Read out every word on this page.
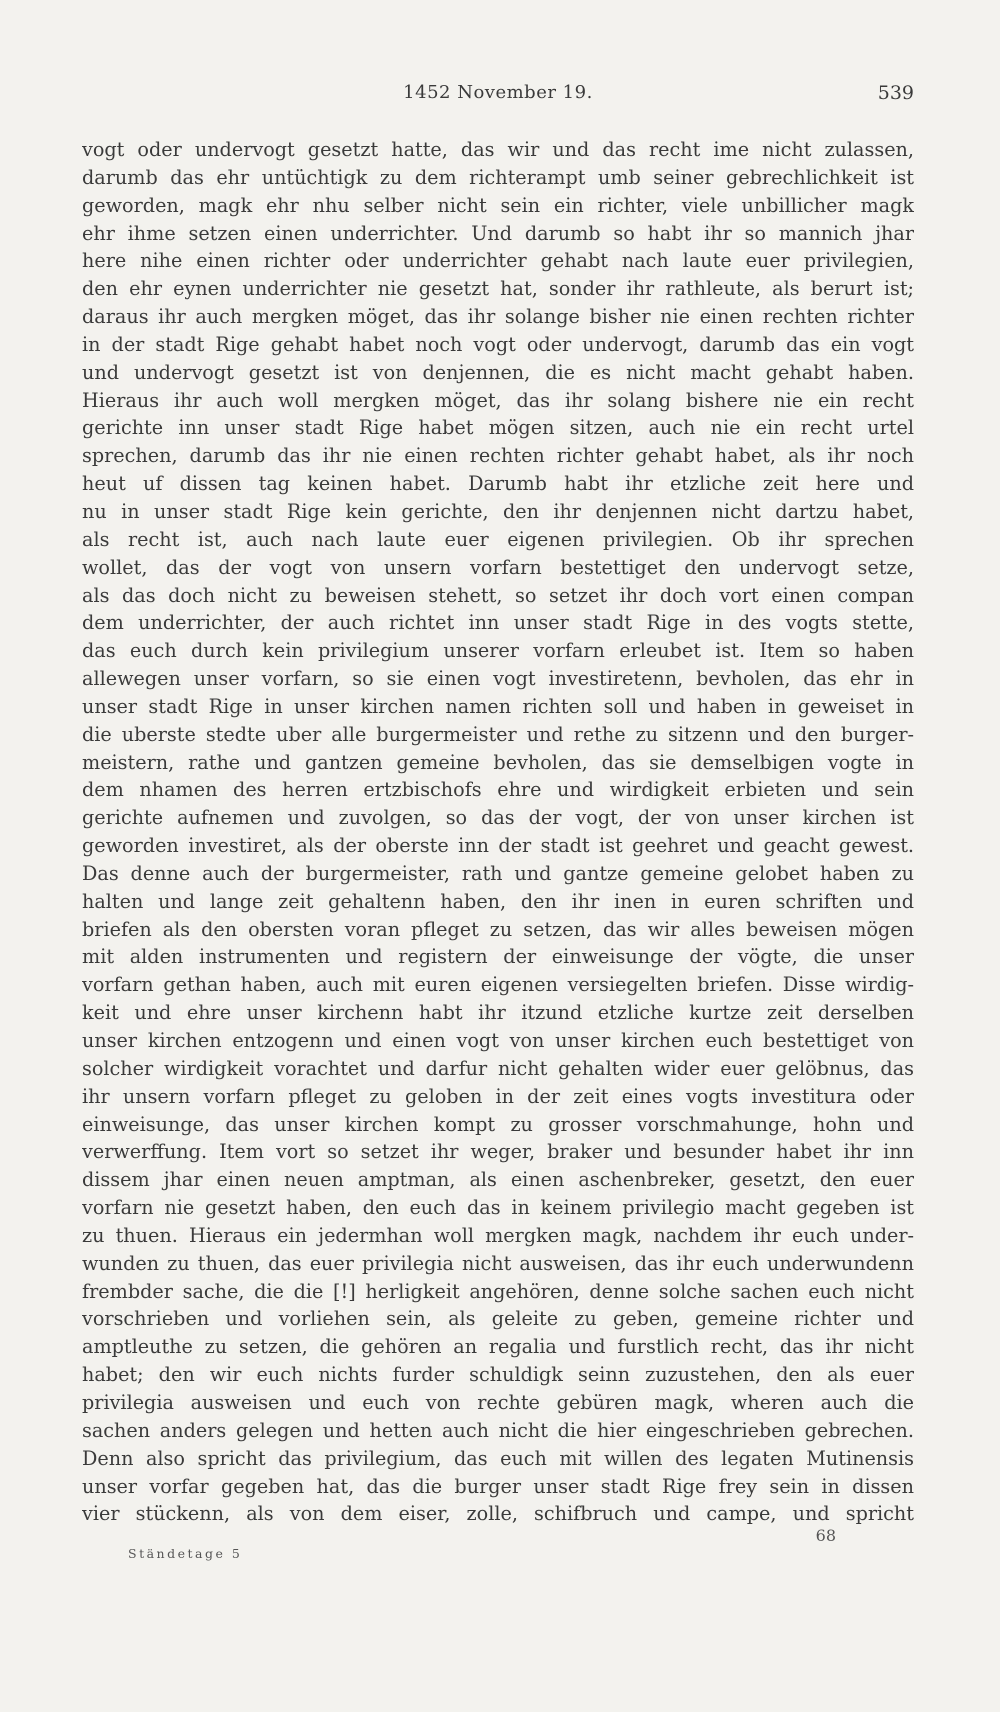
1452 November 19.	539
vogt oder undervogt gesetzt hatte, das wir und das recht ime nicht zulassen,
darumb das ehr untüchtigk zu dem richterampt umb seiner gebrechlichkeit ist
geworden, magk ehr nhu selber nicht sein ein richter, viele unbillicher magk
ehr ihme setzen einen underrichter. Und darumb so habt ihr so mannich jhar
here nihe einen richter oder underrichter gehabt nach laute euer privilegien,
den ehr eynen underrichter nie gesetzt hat, sonder ihr rathleute, als berurt ist;
daraus ihr auch mergken möget, das ihr solange bisher nie einen rechten richter
in der stadt Rige gehabt habet noch vogt oder undervogt, darumb das ein vogt
und undervogt gesetzt ist von denjennen, die es nicht macht gehabt haben.
Hieraus ihr auch woll mergken möget, das ihr solang bishere nie ein recht
gerichte inn unser stadt Rige habet mögen sitzen, auch nie ein recht urtel
sprechen, darumb das ihr nie einen rechten richter gehabt habet, als ihr noch
heut uf dissen tag keinen habet. Darumb habt ihr etzliche zeit here und
nu in unser stadt Rige kein gerichte, den ihr denjennen nicht dartzu habet,
als recht ist, auch nach laute euer eigenen privilegien. Ob ihr sprechen
wollet, das der vogt von unsern vorfarn bestettiget den undervogt setze,
als das doch nicht zu beweisen stehett, so setzet ihr doch vort einen compan
dem underrichter, der auch richtet inn unser stadt Rige in des vogts stette,
das euch durch kein privilegium unserer vorfarn erleubet ist. Item so haben
allewegen unser vorfarn, so sie einen vogt investiretenn, bevholen, das ehr in
unser stadt Rige in unser kirchen namen richten soll und haben in geweiset in
die uberste stedte uber alle burgermeister und rethe zu sitzenn und den burger-
meistern, rathe und gantzen gemeine bevholen, das sie demselbigen vogte in
dem nhamen des herren ertzbischofs ehre und wirdigkeit erbieten und sein
gerichte aufnemen und zuvolgen, so das der vogt, der von unser kirchen ist
geworden investiret, als der oberste inn der stadt ist geehret und geacht gewest.
Das denne auch der burgermeister, rath und gantze gemeine gelobet haben zu
halten und lange zeit gehaltenn haben, den ihr inen in euren schriften und
briefen als den obersten voran pfleget zu setzen, das wir alles beweisen mögen
mit alden instrumenten und registern der einweisunge der vögte, die unser
vorfarn gethan haben, auch mit euren eigenen versiegelten briefen. Disse wirdig-
keit und ehre unser kirchenn habt ihr itzund etzliche kurtze zeit derselben
unser kirchen entzogenn und einen vogt von unser kirchen euch bestettiget von
solcher wirdigkeit vorachtet und darfur nicht gehalten wider euer gelöbnus, das
ihr unsern vorfarn pfleget zu geloben in der zeit eines vogts investitura oder
einweisunge, das unser kirchen kompt zu grosser vorschmahunge, hohn und
verwerffung. Item vort so setzet ihr weger, braker und besunder habet ihr inn
dissem jhar einen neuen amptman, als einen aschenbreker, gesetzt, den euer
vorfarn nie gesetzt haben, den euch das in keinem privilegio macht gegeben ist
zu thuen. Hieraus ein jedermhan woll mergken magk, nachdem ihr euch under-
wunden zu thuen, das euer privilegia nicht ausweisen, das ihr euch underwundenn
frembder sache, die die [!] herligkeit angehören, denne solche sachen euch nicht
vorschrieben und vorliehen sein, als geleite zu geben, gemeine richter und
amptleuthe zu setzen, die gehören an regalia und furstlich recht, das ihr nicht
habet; den wir euch nichts furder schuldigk seinn zuzustehen, den als euer
privilegia ausweisen und euch von rechte gebüren magk, wheren auch die
sachen anders gelegen und hetten auch nicht die hier eingeschrieben gebrechen.
Denn also spricht das privilegium, das euch mit willen des legaten Mutinensis
unser vorfar gegeben hat, das die burger unser stadt Rige frey sein in dissen
vier stückenn, als von dem eiser, zolle, schifbruch und campe, und spricht
68
Ständetage 5
